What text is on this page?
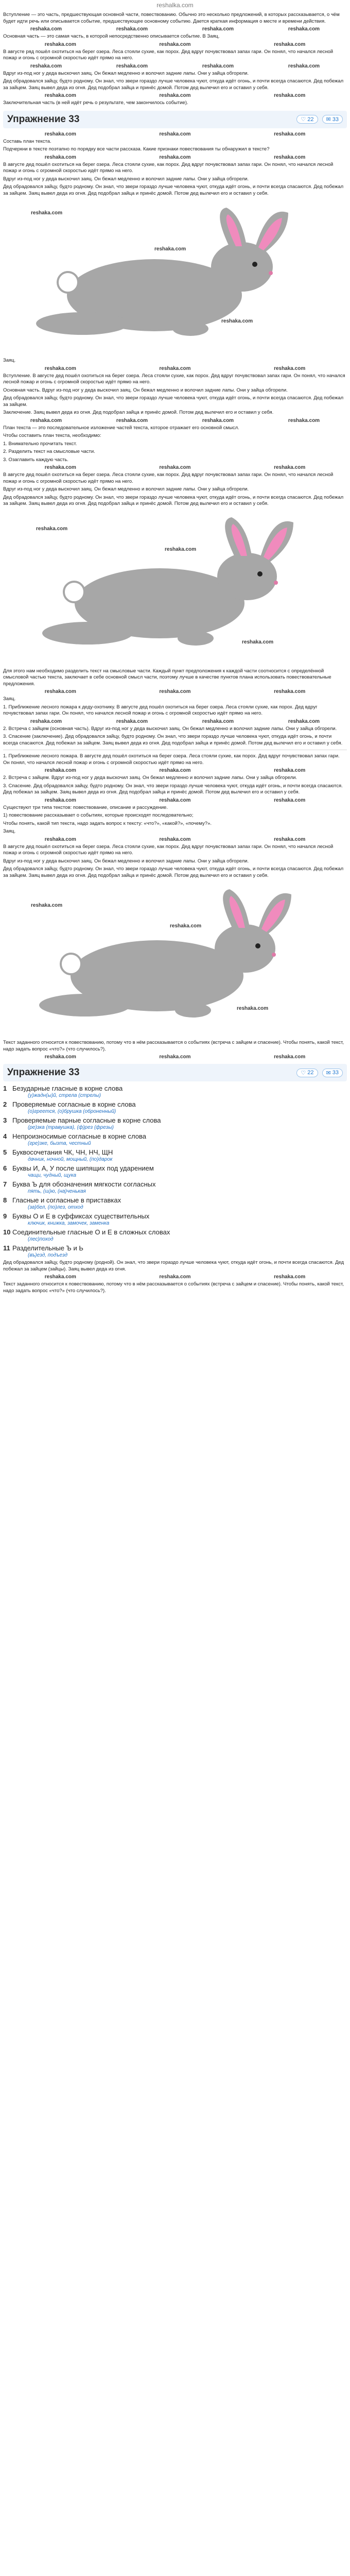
reshalka.com

Вступление — это часть, предшествующая основной части, повествованию. Обычно это несколько предложений, в которых рассказывается, о чём будет идти речь или описывается событие, предшествующее основному событию. Дается краткая информация о месте и времени действия.

reshaka.com	reshaka.com	reshaka.com	reshaka.com

Основная часть — это самая часть, в которой непосредственно описывается событие. В Заяц.

reshaka.com	reshaka.com	reshaka.com

В августе ряд пошёл охотиться на берег озера. Леса стояли сухие, как порох. Дед вдруг почувствовал запах гари. Он понял, что начался лесной пожар и огонь с огромной скоростью идёт прямо на него.

reshaka.com	reshaka.com	reshaka.com	reshaka.com

Вдруг из-под ног у деда выскочил заяц. Он бежал медленно и волочил задние лапы. Они у зайца обгорели.

Дед обрадовался зайцу, будто родному. Он знал, что звери гораздо лучше человека чуют, откуда идёт огонь, и почти всегда спасаются. Дед побежал за зайцем. Заяц вывел деда из огня. Дед подобрал зайца и принёс домой. Потом дед вылечил его и оставил у себя.

reshaka.com	reshaka.com	reshaka.com

Заключительная часть (в ней идёт речь о результате, чем закончилось событие).

Упражнение 33	♡ 22 ✉ 33
reshaka.com	reshaka.com	reshaka.com

Составь план текста.

Подчеркни в тексте поэтапно по порядку все части рассказа. Какие признаки повествования ты обнаружил в тексте?

reshaka.com	reshaka.com	reshaka.com

В августе дед пошёл охотиться на берег озера. Леса стояли сухие, как порох. Дед вдруг почувствовал запах гари. Он понял, что начался лесной пожар и огонь с огромной скоростью идёт прямо на него.

Вдруг из-под ног у деда выскочил заяц. Он бежал медленно и волочил задние лапы. Они у зайца обгорели.

Дед обрадовался зайцу, будто родному. Он знал, что звери гораздо лучше человека чуют, откуда идёт огонь, и почти всегда спасаются. Дед побежал за зайцем. Заяц вывел деда из огня. Дед подобрал зайца и принёс домой. Потом дед вылечил его и оставил у себя.

reshaka.com
reshaka.com
reshaka.com

Заяц.

reshaka.com	reshaka.com	reshaka.com

Вступление. В августе дед пошёл охотиться на берег озера. Леса стояли сухие, как порох. Дед вдруг почувствовал запах гари. Он понял, что начался лесной пожар и огонь с огромной скоростью идёт прямо на него.

Основная часть. Вдруг из-под ног у деда выскочил заяц. Он бежал медленно и волочил задние лапы. Они у зайца обгорели.

Дед обрадовался зайцу, будто родному. Он знал, что звери гораздо лучше человека чуют, откуда идёт огонь, и почти всегда спасаются. Дед побежал за зайцем.

Заключение. Заяц вывел деда из огня. Дед подобрал зайца и принёс домой. Потом дед вылечил его и оставил у себя.

reshaka.com	reshaka.com	reshaka.com	reshaka.com

План текста — это последовательное изложение частей текста, которое отражает его основной смысл.

Чтобы составить план текста, необходимо:

1. Внимательно прочитать текст.

2. Разделить текст на смысловые части.

3. Озаглавить каждую часть.

reshaka.com	reshaka.com	reshaka.com

В августе дед пошёл охотиться на берег озера. Леса стояли сухие, как порох. Дед вдруг почувствовал запах гари. Он понял, что начался лесной пожар и огонь с огромной скоростью идёт прямо на него.

Вдруг из-под ног у деда выскочил заяц. Он бежал медленно и волочил задние лапы. Они у зайца обгорели.

Дед обрадовался зайцу, будто родному. Он знал, что звери гораздо лучше человека чуют, откуда идёт огонь, и почти всегда спасаются. Дед побежал за зайцем. Заяц вывел деда из огня. Дед подобрал зайца и принёс домой. Потом дед вылечил его и оставил у себя.

reshaka.com
reshaka.com
reshaka.com

Для этого нам необходимо разделить текст на смысловые части. Каждый пункт предположения к каждой части соотносится с определённой смысловой частью текста, заключает в себе основной смысл части, поэтому лучше в качестве пунктов плана использовать повествовательные предложения.

reshaka.com	reshaka.com	reshaka.com

Заяц.

1. Приближение лесного пожара к деду-охотнику. В августе дед пошёл охотиться на берег озера. Леса стояли сухие, как порох. Дед вдруг почувствовал запах гари. Он понял, что начался лесной пожар и огонь с огромной скоростью идёт прямо на него.

reshaka.com	reshaka.com	reshaka.com	reshaka.com

2. Встреча с зайцем (основная часть). Вдруг из-под ног у деда выскочил заяц. Он бежал медленно и волочил задние лапы. Они у зайца обгорели.

3. Спасение (заключение). Дед обрадовался зайцу, будто родному. Он знал, что звери гораздо лучше человека чуют, откуда идёт огонь, и почти всегда спасаются. Дед побежал за зайцем. Заяц вывел деда из огня. Дед подобрал зайца и принёс домой. Потом дед вылечил его и оставил у себя.

1. Приближение лесного пожара. В августе дед пошёл охотиться на берег озера. Леса стояли сухие, как порох. Дед вдруг почувствовал запах гари. Он понял, что начался лесной пожар и огонь с огромной скоростью идёт прямо на него.

reshaka.com	reshaka.com	reshaka.com

2. Встреча с зайцем. Вдруг из-под ног у деда выскочил заяц. Он бежал медленно и волочил задние лапы. Они у зайца обгорели.

3. Спасение. Дед обрадовался зайцу, будто родному. Он знал, что звери гораздо лучше человека чуют, откуда идёт огонь, и почти всегда спасаются. Дед побежал за зайцем. Заяц вывел деда из огня. Дед подобрал зайца и принёс домой. Потом дед вылечил его и оставил у себя.

reshaka.com	reshaka.com	reshaka.com

Существуют три типа текстов: повествование, описание и рассуждение.

1) повествование рассказывает о событиях, которые происходят последовательно;

Чтобы понять, какой тип текста, надо задать вопрос к тексту: «что?», «какой?», «почему?».

Заяц.

reshaka.com	reshaka.com	reshaka.com

В августе дед пошёл охотиться на берег озера. Леса стояли сухие, как порох. Дед вдруг почувствовал запах гари. Он понял, что начался лесной пожар и огонь с огромной скоростью идёт прямо на него.

Вдруг из-под ног у деда выскочил заяц. Он бежал медленно и волочил задние лапы. Они у зайца обгорели.

Дед обрадовался зайцу, будто родному. Он знал, что звери гораздо лучше человека чуют, откуда идёт огонь, и почти всегда спасаются. Дед побежал за зайцем. Заяц вывел деда из огня. Дед подобрал зайца и принёс домой. Потом дед вылечил его и оставил у себя.

reshaka.com
reshaka.com
reshaka.com

Текст заданного относится к повествованию, потому что в нём рассказывается о событиях (встреча с зайцем и спасение). Чтобы понять, какой текст, надо задать вопрос «что?» (что случилось?).

reshaka.com	reshaka.com	reshaka.com
Упражнение 33	♡ 22 ✉ 33
1 Безударные гласные в корне слова
(у)жадн(ы)й, стрела (стрелы)
2 Проверяемые согласные в корне слова
(о)греется, (о)брушка (оброненный)
3 Проверяемые парные согласные в корне слова
(ре)зка (травушка), (ф)рез (фрезы)
4 Непроизносимые согласные в корне слова
(гре)зке, бызта, честный
5 Буквосочетания ЧК, ЧН, НЧ, ЩН
дачник, ночной, мощный, (по)дарок
6 Буквы И, А, У после шипящих под ударением
чащи, чудный, щука
7 Буква Ъ для обозначения мягкости согласных
пять, (ш)ю, (на)ченькая
8 Гласные и согласные в приставках
(за)бел, (по)лез, отход
9 Буквы О и Е в суффиксах существительных
ключик, книжка, замочек, заменка
10 Соединительные гласные О и Е в сложных словах
(лес)поход
11 Разделительные Ъ и Ь
(въ)езд, подъезд

Дед обрадовался зайцу, будто родному (родной). Он знал, что звери гораздо лучше человека чуют, откуда идёт огонь, и почти всегда спасаются. Дед побежал за зайцем (зайцы). Заяц вывел деда из огня.

reshaka.com	reshaka.com	reshaka.com

Текст заданного относится к повествованию, потому что в нём рассказывается о событиях (встреча с зайцем и спасение). Чтобы понять, какой текст, надо задать вопрос «что?» (что случилось?).
